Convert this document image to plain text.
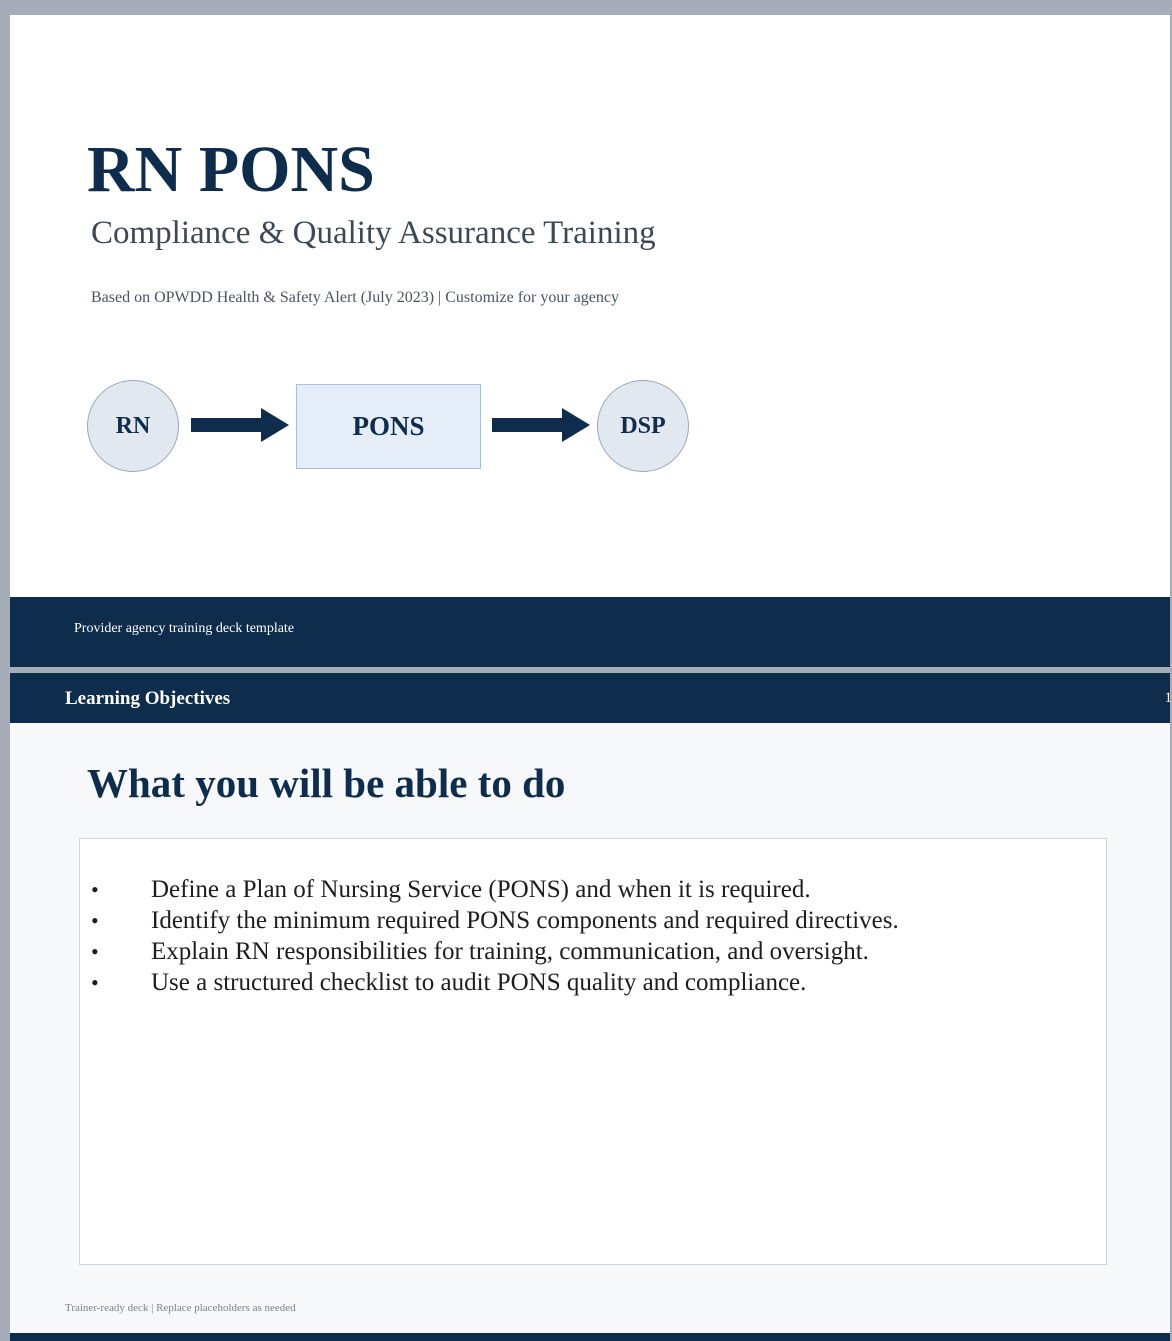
RN PONS

Compliance & Quality Assurance Training

Based on OPWDD Health & Safety Alert (July 2023) | Customize for your agency

RN	PONS	DSP

Provider agency training deck template

Learning Objectives	1
What you will be able to do
• Define a Plan of Nursing Service (PONS) and when it is required.
• Identify the minimum required PONS components and required directives.
• Explain RN responsibilities for training, communication, and oversight.
• Use a structured checklist to audit PONS quality and compliance.

Trainer-ready deck | Replace placeholders as needed
